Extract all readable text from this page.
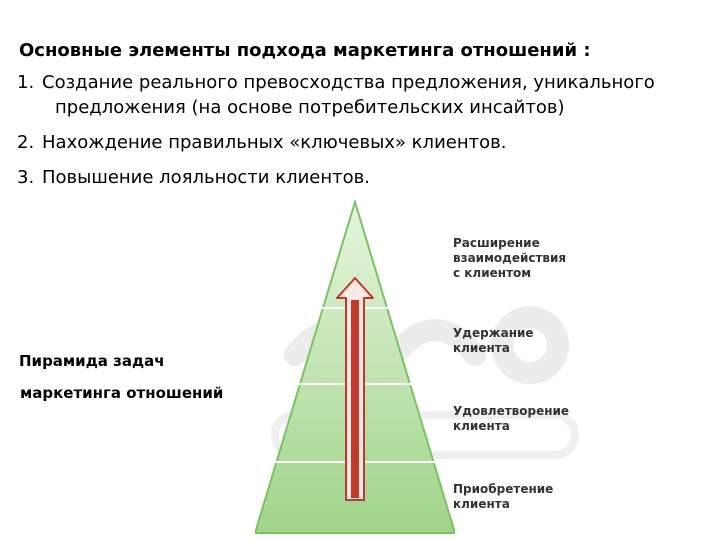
Основные элементы подхода маркетинга отношений :
1. Создание реального превосходства предложения, уникального
предложения (на основе потребительских инсайтов)
2. Нахождение правильных «ключевых» клиентов.
3. Повышение лояльности клиентов.
Пирамида задач
маркетинга отношений
Расширение
взаимодействия
с клиентом
Удержание
клиента
Удовлетворение
клиента
Приобретение
клиента
